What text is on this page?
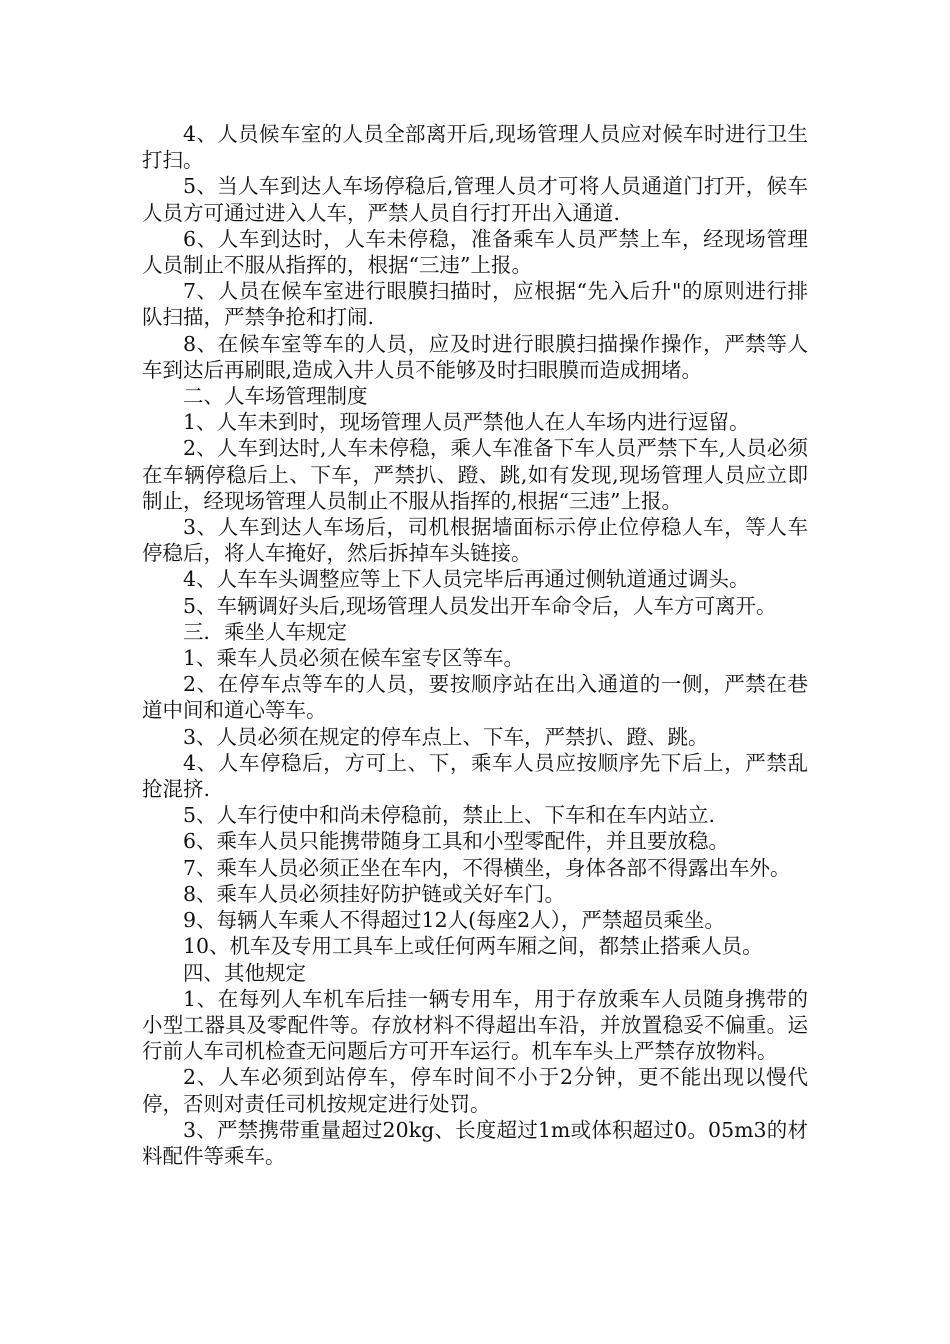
4、人员候车室的人员全部离开后,现场管理人员应对候车时进行卫生打扫。

5、当人车到达人车场停稳后,管理人员才可将人员通道门打开，候车人员方可通过进入人车，严禁人员自行打开出入通道.

6、人车到达时，人车未停稳，准备乘车人员严禁上车，经现场管理人员制止不服从指挥的，根据“三违”上报。

7、人员在候车室进行眼膜扫描时，应根据“先入后升"的原则进行排队扫描，严禁争抢和打闹.

8、在候车室等车的人员，应及时进行眼膜扫描操作操作，严禁等人车到达后再刷眼,造成入井人员不能够及时扫眼膜而造成拥堵。

二、人车场管理制度

1、人车未到时，现场管理人员严禁他人在人车场内进行逗留。

2、人车到达时,人车未停稳，乘人车准备下车人员严禁下车,人员必须在车辆停稳后上、下车，严禁扒、蹬、跳,如有发现,现场管理人员应立即制止，经现场管理人员制止不服从指挥的,根据“三违”上报。

3、人车到达人车场后，司机根据墙面标示停止位停稳人车，等人车停稳后，将人车掩好，然后拆掉车头链接。

4、人车车头调整应等上下人员完毕后再通过侧轨道通过调头。

5、车辆调好头后,现场管理人员发出开车命令后，人车方可离开。

三．乘坐人车规定

1、乘车人员必须在候车室专区等车。

2、在停车点等车的人员，要按顺序站在出入通道的一侧，严禁在巷道中间和道心等车。

3、人员必须在规定的停车点上、下车，严禁扒、蹬、跳。

4、人车停稳后，方可上、下，乘车人员应按顺序先下后上，严禁乱抢混挤.

5、人车行使中和尚未停稳前，禁止上、下车和在车内站立.

6、乘车人员只能携带随身工具和小型零配件，并且要放稳。

7、乘车人员必须正坐在车内，不得横坐，身体各部不得露出车外。

8、乘车人员必须挂好防护链或关好车门。

9、每辆人车乘人不得超过12人(每座2人），严禁超员乘坐。

10、机车及专用工具车上或任何两车厢之间，都禁止搭乘人员。

四、其他规定

1、在每列人车机车后挂一辆专用车，用于存放乘车人员随身携带的小型工器具及零配件等。存放材料不得超出车沿，并放置稳妥不偏重。运行前人车司机检查无问题后方可开车运行。机车车头上严禁存放物料。

2、人车必须到站停车，停车时间不小于2分钟，更不能出现以慢代停，否则对责任司机按规定进行处罚。

3、严禁携带重量超过20kg、长度超过1m或体积超过0。05m3的材料配件等乘车。
